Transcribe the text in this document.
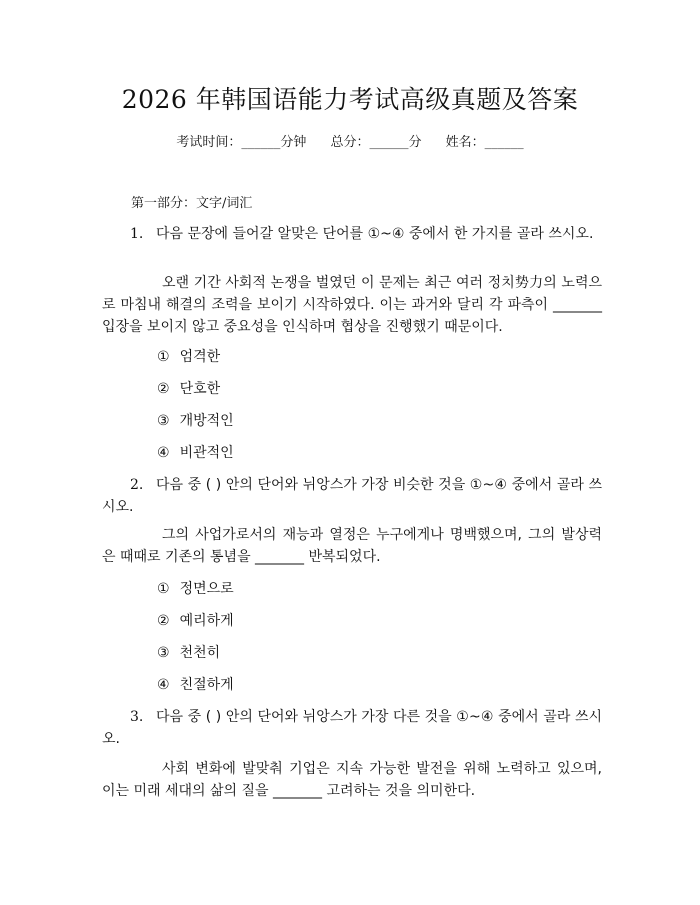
2026 年韩国语能力考试高级真题及答案
考试时间：______分钟 总分：______分 姓名：______
第一部分：文字/词汇
1. 다음 문장에 들어갈 알맞은 단어를 ①~④ 중에서 한 가지를 골라 쓰시오.
오랜 기간 사회적 논쟁을 벌였던 이 문제는 최근 여러 정치势力의 노력으로 마침내 해결의 조력을 보이기 시작하였다. 이는 과거와 달리 각 파측이 _______ 입장을 보이지 않고 중요성을 인식하며 협상을 진행했기 때문이다.
① 엄격한
② 단호한
③ 개방적인
④ 비관적인
2. 다음 중 ( ) 안의 단어와 뉘앙스가 가장 비슷한 것을 ①~④ 중에서 골라 쓰시오.
그의 사업가로서의 재능과 열정은 누구에게나 명백했으며, 그의 발상력은 때때로 기존의 통념을 _______ 반복되었다.
① 정면으로
② 예리하게
③ 천천히
④ 친절하게
3. 다음 중 ( ) 안의 단어와 뉘앙스가 가장 다른 것을 ①~④ 중에서 골라 쓰시오.
사회 변화에 발맞춰 기업은 지속 가능한 발전을 위해 노력하고 있으며, 이는 미래 세대의 삶의 질을 _______ 고려하는 것을 의미한다.
